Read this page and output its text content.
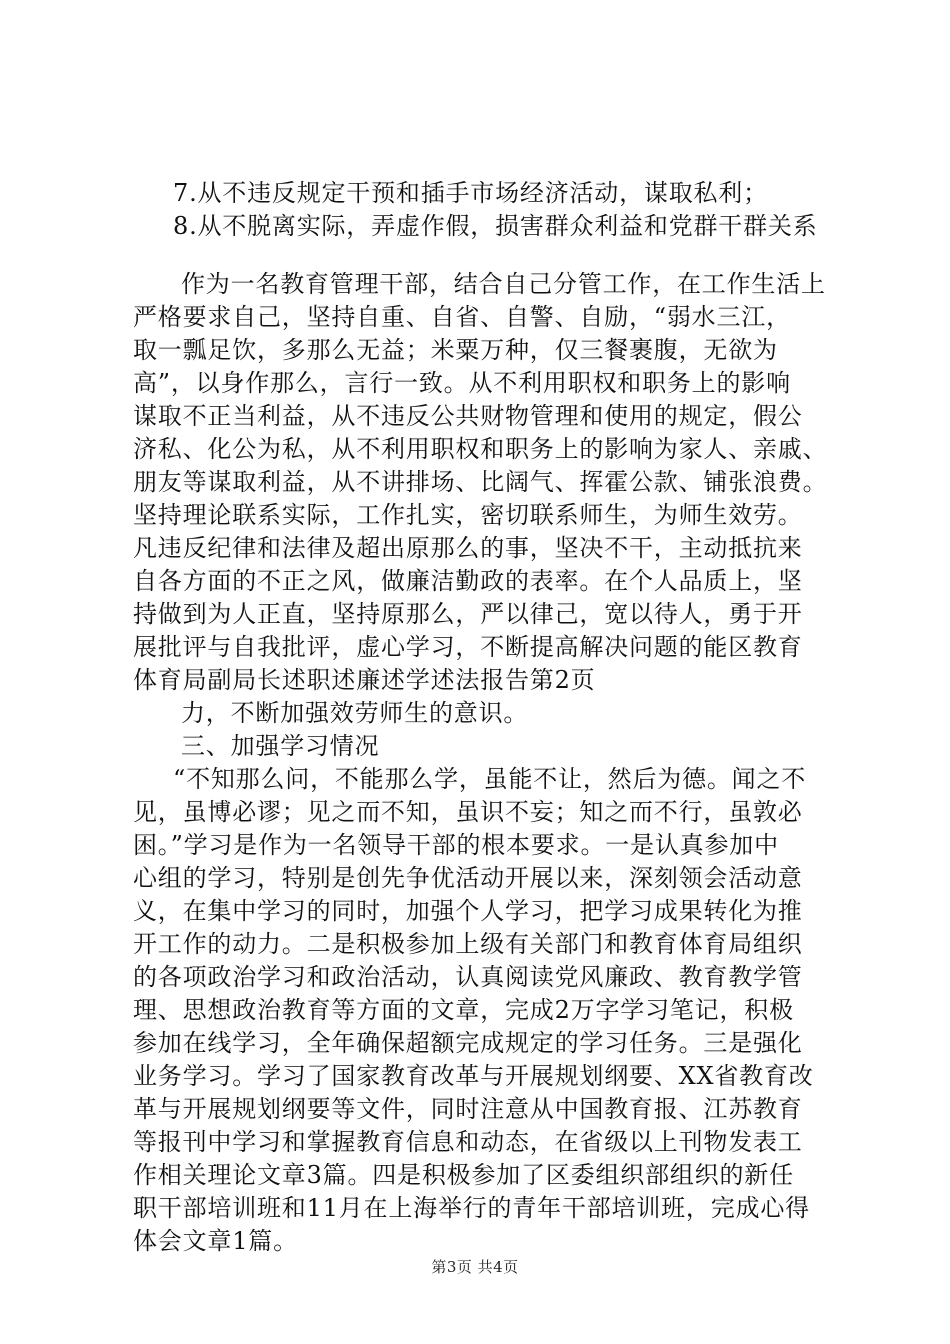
7.从不违反规定干预和插手市场经济活动，谋取私利；
8.从不脱离实际，弄虚作假，损害群众利益和党群干群关系
作为一名教育管理干部，结合自己分管工作，在工作生活上
严格要求自己，坚持自重、自省、自警、自励，“弱水三江，
取一瓢足饮，多那么无益；米粟万种，仅三餐裹腹，无欲为
高”，以身作那么，言行一致。从不利用职权和职务上的影响
谋取不正当利益，从不违反公共财物管理和使用的规定，假公
济私、化公为私，从不利用职权和职务上的影响为家人、亲戚、
朋友等谋取利益，从不讲排场、比阔气、挥霍公款、铺张浪费。
坚持理论联系实际，工作扎实，密切联系师生，为师生效劳。
凡违反纪律和法律及超出原那么的事，坚决不干，主动抵抗来
自各方面的不正之风，做廉洁勤政的表率。在个人品质上，坚
持做到为人正直，坚持原那么，严以律己，宽以待人，勇于开
展批评与自我批评，虚心学习，不断提高解决问题的能区教育
体育局副局长述职述廉述学述法报告第2页
力，不断加强效劳师生的意识。
三、加强学习情况
“不知那么问，不能那么学，虽能不让，然后为德。闻之不
见，虽博必谬；见之而不知，虽识不妄；知之而不行，虽敦必
困。”学习是作为一名领导干部的根本要求。一是认真参加中
心组的学习，特别是创先争优活动开展以来，深刻领会活动意
义，在集中学习的同时，加强个人学习，把学习成果转化为推
开工作的动力。二是积极参加上级有关部门和教育体育局组织
的各项政治学习和政治活动，认真阅读党风廉政、教育教学管
理、思想政治教育等方面的文章，完成2万字学习笔记，积极
参加在线学习，全年确保超额完成规定的学习任务。三是强化
业务学习。学习了国家教育改革与开展规划纲要、XX省教育改
革与开展规划纲要等文件，同时注意从中国教育报、江苏教育
等报刊中学习和掌握教育信息和动态，在省级以上刊物发表工
作相关理论文章3篇。四是积极参加了区委组织部组织的新任
职干部培训班和11月在上海举行的青年干部培训班，完成心得
体会文章1篇。
第3页 共4页
